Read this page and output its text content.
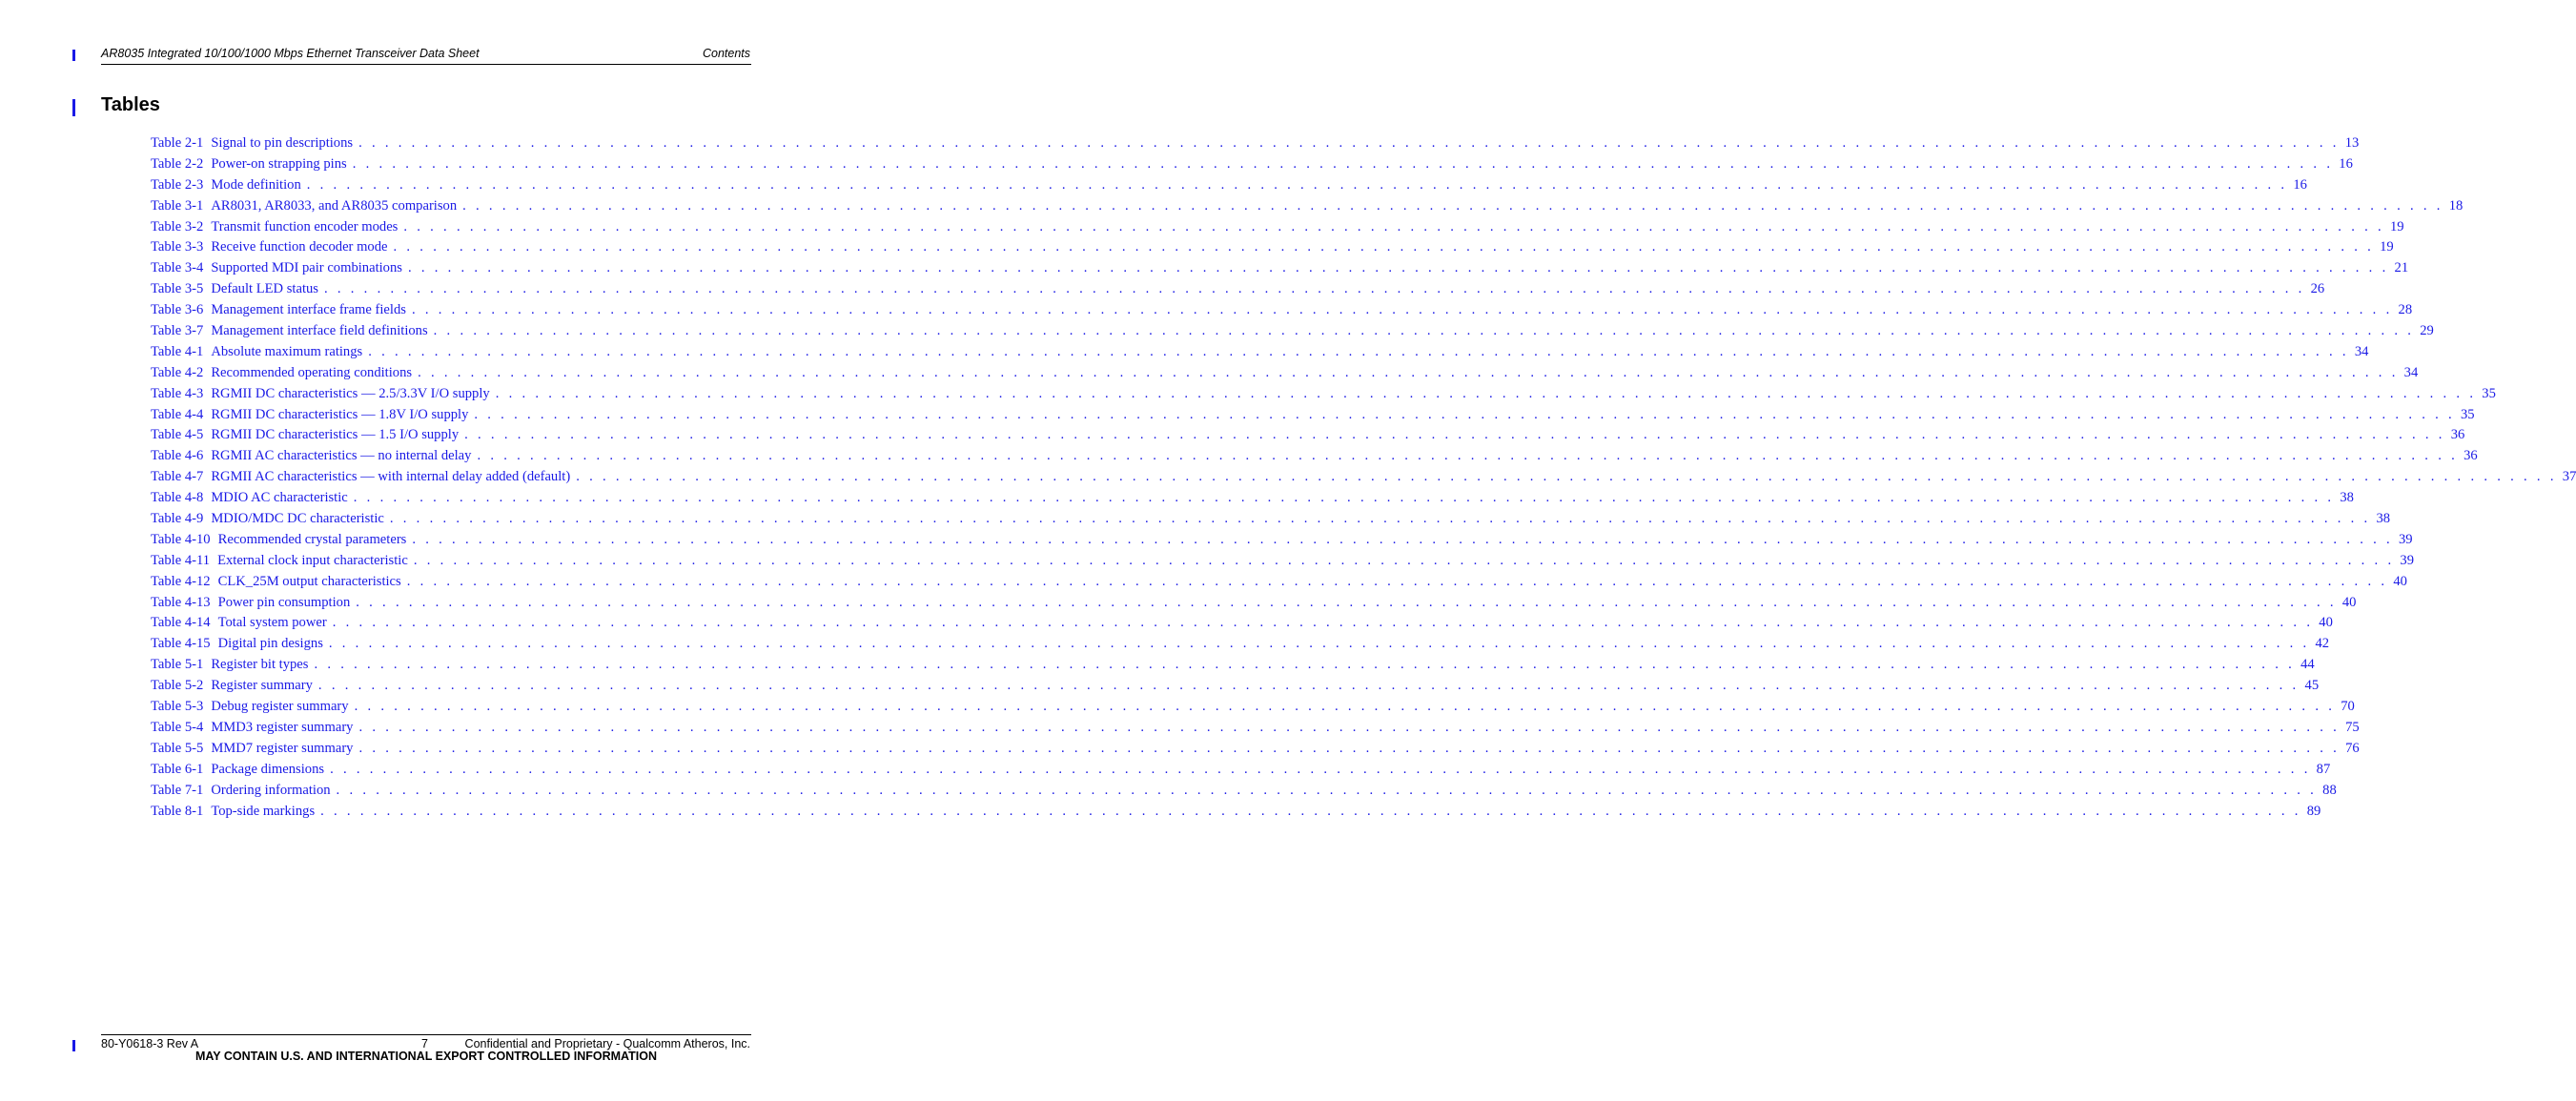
AR8035 Integrated 10/100/1000 Mbps Ethernet Transceiver Data Sheet	Contents
Tables
Table 2-1 Signal to pin descriptions . . . . . . . . . . . . . . . . . . . . . . . . . . . . . . . . . . . . . . . . . . . . . . . . . . . . . . . . . . . . . . . . . . . . . . . . . . . . . . . . . . . . . . . . . . . . . . . . . . . . . . . . . . . . . . . . . . . . . . . . . . . . . . . . . . . . . . . . . . . . . . . . . . . . . . 13
Table 2-2 Power-on strapping pins . . . . . . . . . . . . . . . . . . . . . . . . . . . . . . . . . . . . . . . . . . . . . . . . . . . . . . . . . . . . . . . . . . . . . . . . . . . . . . . . . . . . . . . . . . . . . . . . . . . . . . . . . . . . . . . . . . . . . . . . . . . . . . . . . . . . . . . . . . . . . . . . . . . . . . 16
Table 2-3 Mode definition . . . . . . . . . . . . . . . . . . . . . . . . . . . . . . . . . . . . . . . . . . . . . . . . . . . . . . . . . . . . . . . . . . . . . . . . . . . . . . . . . . . . . . . . . . . . . . . . . . . . . . . . . . . . . . . . . . . . . . . . . . . . . . . . . . . . . . . . . . . . . . . . . . . . . . 16
Table 3-1 AR8031, AR8033, and AR8035 comparison . . . . . . . . . . . . . . . . . . . . . . . . . . . . . . . . . . . . . . . . . . . . . . . . . . . . . . . . . . . . . . . . . . . . . . . . . . . . . . . . . . . . . . . . . . . . . . . . . . . . . . . . . . . . . . . . . . . . . . . . . . . . . . . . . . . . . . . . . . . . . . . . . . . . . . 18
Table 3-2 Transmit function encoder modes . . . . . . . . . . . . . . . . . . . . . . . . . . . . . . . . . . . . . . . . . . . . . . . . . . . . . . . . . . . . . . . . . . . . . . . . . . . . . . . . . . . . . . . . . . . . . . . . . . . . . . . . . . . . . . . . . . . . . . . . . . . . . . . . . . . . . . . . . . . . . . . . . . . . . . 19
Table 3-3 Receive function decoder mode . . . . . . . . . . . . . . . . . . . . . . . . . . . . . . . . . . . . . . . . . . . . . . . . . . . . . . . . . . . . . . . . . . . . . . . . . . . . . . . . . . . . . . . . . . . . . . . . . . . . . . . . . . . . . . . . . . . . . . . . . . . . . . . . . . . . . . . . . . . . . . . . . . . . . . 19
Table 3-4 Supported MDI pair combinations . . . . . . . . . . . . . . . . . . . . . . . . . . . . . . . . . . . . . . . . . . . . . . . . . . . . . . . . . . . . . . . . . . . . . . . . . . . . . . . . . . . . . . . . . . . . . . . . . . . . . . . . . . . . . . . . . . . . . . . . . . . . . . . . . . . . . . . . . . . . . . . . . . . . . . 21
Table 3-5 Default LED status . . . . . . . . . . . . . . . . . . . . . . . . . . . . . . . . . . . . . . . . . . . . . . . . . . . . . . . . . . . . . . . . . . . . . . . . . . . . . . . . . . . . . . . . . . . . . . . . . . . . . . . . . . . . . . . . . . . . . . . . . . . . . . . . . . . . . . . . . . . . . . . . . . . . . . 26
Table 3-6 Management interface frame fields . . . . . . . . . . . . . . . . . . . . . . . . . . . . . . . . . . . . . . . . . . . . . . . . . . . . . . . . . . . . . . . . . . . . . . . . . . . . . . . . . . . . . . . . . . . . . . . . . . . . . . . . . . . . . . . . . . . . . . . . . . . . . . . . . . . . . . . . . . . . . . . . . . . . . . 28
Table 3-7 Management interface field definitions . . . . . . . . . . . . . . . . . . . . . . . . . . . . . . . . . . . . . . . . . . . . . . . . . . . . . . . . . . . . . . . . . . . . . . . . . . . . . . . . . . . . . . . . . . . . . . . . . . . . . . . . . . . . . . . . . . . . . . . . . . . . . . . . . . . . . . . . . . . . . . . . . . . . . . 29
Table 4-1 Absolute maximum ratings . . . . . . . . . . . . . . . . . . . . . . . . . . . . . . . . . . . . . . . . . . . . . . . . . . . . . . . . . . . . . . . . . . . . . . . . . . . . . . . . . . . . . . . . . . . . . . . . . . . . . . . . . . . . . . . . . . . . . . . . . . . . . . . . . . . . . . . . . . . . . . . . . . . . . . 34
Table 4-2 Recommended operating conditions . . . . . . . . . . . . . . . . . . . . . . . . . . . . . . . . . . . . . . . . . . . . . . . . . . . . . . . . . . . . . . . . . . . . . . . . . . . . . . . . . . . . . . . . . . . . . . . . . . . . . . . . . . . . . . . . . . . . . . . . . . . . . . . . . . . . . . . . . . . . . . . . . . . . . . 34
Table 4-3 RGMII DC characteristics — 2.5/3.3V I/O supply . . . . . . . . . . . . . . . . . . . . . . . . . . . . . . . . . . . . . . . . . . . . . . . . . . . . . . . . . . . . . . . . . . . . . . . . . . . . . . . . . . . . . . . . . . . . . . . . . . . . . . . . . . . . . . . . . . . . . . . . . . . . . . . . . . . . . . . . . . . . . . . . . . . . . . 35
Table 4-4 RGMII DC characteristics — 1.8V I/O supply . . . . . . . . . . . . . . . . . . . . . . . . . . . . . . . . . . . . . . . . . . . . . . . . . . . . . . . . . . . . . . . . . . . . . . . . . . . . . . . . . . . . . . . . . . . . . . . . . . . . . . . . . . . . . . . . . . . . . . . . . . . . . . . . . . . . . . . . . . . . . . . . . . . . . . 35
Table 4-5 RGMII DC characteristics — 1.5 I/O supply . . . . . . . . . . . . . . . . . . . . . . . . . . . . . . . . . . . . . . . . . . . . . . . . . . . . . . . . . . . . . . . . . . . . . . . . . . . . . . . . . . . . . . . . . . . . . . . . . . . . . . . . . . . . . . . . . . . . . . . . . . . . . . . . . . . . . . . . . . . . . . . . . . . . . . 36
Table 4-6 RGMII AC characteristics — no internal delay . . . . . . . . . . . . . . . . . . . . . . . . . . . . . . . . . . . . . . . . . . . . . . . . . . . . . . . . . . . . . . . . . . . . . . . . . . . . . . . . . . . . . . . . . . . . . . . . . . . . . . . . . . . . . . . . . . . . . . . . . . . . . . . . . . . . . . . . . . . . . . . . . . . . . . 36
Table 4-7 RGMII AC characteristics — with internal delay added (default) . . . . . . . . . . . . . . . . . . . . . . . . . . . . . . . . . . . . . . . . . . . . . . . . . . . . . . . . . . . . . . . . . . . . . . . . . . . . . . . . . . . . . . . . . . . . . . . . . . . . . . . . . . . . . . . . . . . . . . . . . . . . . . . . . . . . . . . . . . . . . . . . . . . . . . 37
Table 4-8 MDIO AC characteristic . . . . . . . . . . . . . . . . . . . . . . . . . . . . . . . . . . . . . . . . . . . . . . . . . . . . . . . . . . . . . . . . . . . . . . . . . . . . . . . . . . . . . . . . . . . . . . . . . . . . . . . . . . . . . . . . . . . . . . . . . . . . . . . . . . . . . . . . . . . . . . . . . . . . . . 38
Table 4-9 MDIO/MDC DC characteristic . . . . . . . . . . . . . . . . . . . . . . . . . . . . . . . . . . . . . . . . . . . . . . . . . . . . . . . . . . . . . . . . . . . . . . . . . . . . . . . . . . . . . . . . . . . . . . . . . . . . . . . . . . . . . . . . . . . . . . . . . . . . . . . . . . . . . . . . . . . . . . . . . . . . . . 38
Table 4-10 Recommended crystal parameters . . . . . . . . . . . . . . . . . . . . . . . . . . . . . . . . . . . . . . . . . . . . . . . . . . . . . . . . . . . . . . . . . . . . . . . . . . . . . . . . . . . . . . . . . . . . . . . . . . . . . . . . . . . . . . . . . . . . . . . . . . . . . . . . . . . . . . . . . . . . . . . . . . . . . . 39
Table 4-11 External clock input characteristic . . . . . . . . . . . . . . . . . . . . . . . . . . . . . . . . . . . . . . . . . . . . . . . . . . . . . . . . . . . . . . . . . . . . . . . . . . . . . . . . . . . . . . . . . . . . . . . . . . . . . . . . . . . . . . . . . . . . . . . . . . . . . . . . . . . . . . . . . . . . . . . . . . . . . . 39
Table 4-12 CLK_25M output characteristics . . . . . . . . . . . . . . . . . . . . . . . . . . . . . . . . . . . . . . . . . . . . . . . . . . . . . . . . . . . . . . . . . . . . . . . . . . . . . . . . . . . . . . . . . . . . . . . . . . . . . . . . . . . . . . . . . . . . . . . . . . . . . . . . . . . . . . . . . . . . . . . . . . . . . . 40
Table 4-13 Power pin consumption . . . . . . . . . . . . . . . . . . . . . . . . . . . . . . . . . . . . . . . . . . . . . . . . . . . . . . . . . . . . . . . . . . . . . . . . . . . . . . . . . . . . . . . . . . . . . . . . . . . . . . . . . . . . . . . . . . . . . . . . . . . . . . . . . . . . . . . . . . . . . . . . . . . . . . 40
Table 4-14 Total system power . . . . . . . . . . . . . . . . . . . . . . . . . . . . . . . . . . . . . . . . . . . . . . . . . . . . . . . . . . . . . . . . . . . . . . . . . . . . . . . . . . . . . . . . . . . . . . . . . . . . . . . . . . . . . . . . . . . . . . . . . . . . . . . . . . . . . . . . . . . . . . . . . . . . . . 40
Table 4-15 Digital pin designs . . . . . . . . . . . . . . . . . . . . . . . . . . . . . . . . . . . . . . . . . . . . . . . . . . . . . . . . . . . . . . . . . . . . . . . . . . . . . . . . . . . . . . . . . . . . . . . . . . . . . . . . . . . . . . . . . . . . . . . . . . . . . . . . . . . . . . . . . . . . . . . . . . . . . . 42
Table 5-1 Register bit types . . . . . . . . . . . . . . . . . . . . . . . . . . . . . . . . . . . . . . . . . . . . . . . . . . . . . . . . . . . . . . . . . . . . . . . . . . . . . . . . . . . . . . . . . . . . . . . . . . . . . . . . . . . . . . . . . . . . . . . . . . . . . . . . . . . . . . . . . . . . . . . . . . . . . . 44
Table 5-2 Register summary . . . . . . . . . . . . . . . . . . . . . . . . . . . . . . . . . . . . . . . . . . . . . . . . . . . . . . . . . . . . . . . . . . . . . . . . . . . . . . . . . . . . . . . . . . . . . . . . . . . . . . . . . . . . . . . . . . . . . . . . . . . . . . . . . . . . . . . . . . . . . . . . . . . . . . 45
Table 5-3 Debug register summary . . . . . . . . . . . . . . . . . . . . . . . . . . . . . . . . . . . . . . . . . . . . . . . . . . . . . . . . . . . . . . . . . . . . . . . . . . . . . . . . . . . . . . . . . . . . . . . . . . . . . . . . . . . . . . . . . . . . . . . . . . . . . . . . . . . . . . . . . . . . . . . . . . . . . . 70
Table 5-4 MMD3 register summary . . . . . . . . . . . . . . . . . . . . . . . . . . . . . . . . . . . . . . . . . . . . . . . . . . . . . . . . . . . . . . . . . . . . . . . . . . . . . . . . . . . . . . . . . . . . . . . . . . . . . . . . . . . . . . . . . . . . . . . . . . . . . . . . . . . . . . . . . . . . . . . . . . . . . . 75
Table 5-5 MMD7 register summary . . . . . . . . . . . . . . . . . . . . . . . . . . . . . . . . . . . . . . . . . . . . . . . . . . . . . . . . . . . . . . . . . . . . . . . . . . . . . . . . . . . . . . . . . . . . . . . . . . . . . . . . . . . . . . . . . . . . . . . . . . . . . . . . . . . . . . . . . . . . . . . . . . . . . . 76
Table 6-1 Package dimensions . . . . . . . . . . . . . . . . . . . . . . . . . . . . . . . . . . . . . . . . . . . . . . . . . . . . . . . . . . . . . . . . . . . . . . . . . . . . . . . . . . . . . . . . . . . . . . . . . . . . . . . . . . . . . . . . . . . . . . . . . . . . . . . . . . . . . . . . . . . . . . . . . . . . . . 87
Table 7-1 Ordering information . . . . . . . . . . . . . . . . . . . . . . . . . . . . . . . . . . . . . . . . . . . . . . . . . . . . . . . . . . . . . . . . . . . . . . . . . . . . . . . . . . . . . . . . . . . . . . . . . . . . . . . . . . . . . . . . . . . . . . . . . . . . . . . . . . . . . . . . . . . . . . . . . . . . . . 88
Table 8-1 Top-side markings . . . . . . . . . . . . . . . . . . . . . . . . . . . . . . . . . . . . . . . . . . . . . . . . . . . . . . . . . . . . . . . . . . . . . . . . . . . . . . . . . . . . . . . . . . . . . . . . . . . . . . . . . . . . . . . . . . . . . . . . . . . . . . . . . . . . . . . . . . . . . . . . . . . . . . 89
80-Y0618-3 Rev A	7	Confidential and Proprietary - Qualcomm Atheros, Inc.
MAY CONTAIN U.S. AND INTERNATIONAL EXPORT CONTROLLED INFORMATION
